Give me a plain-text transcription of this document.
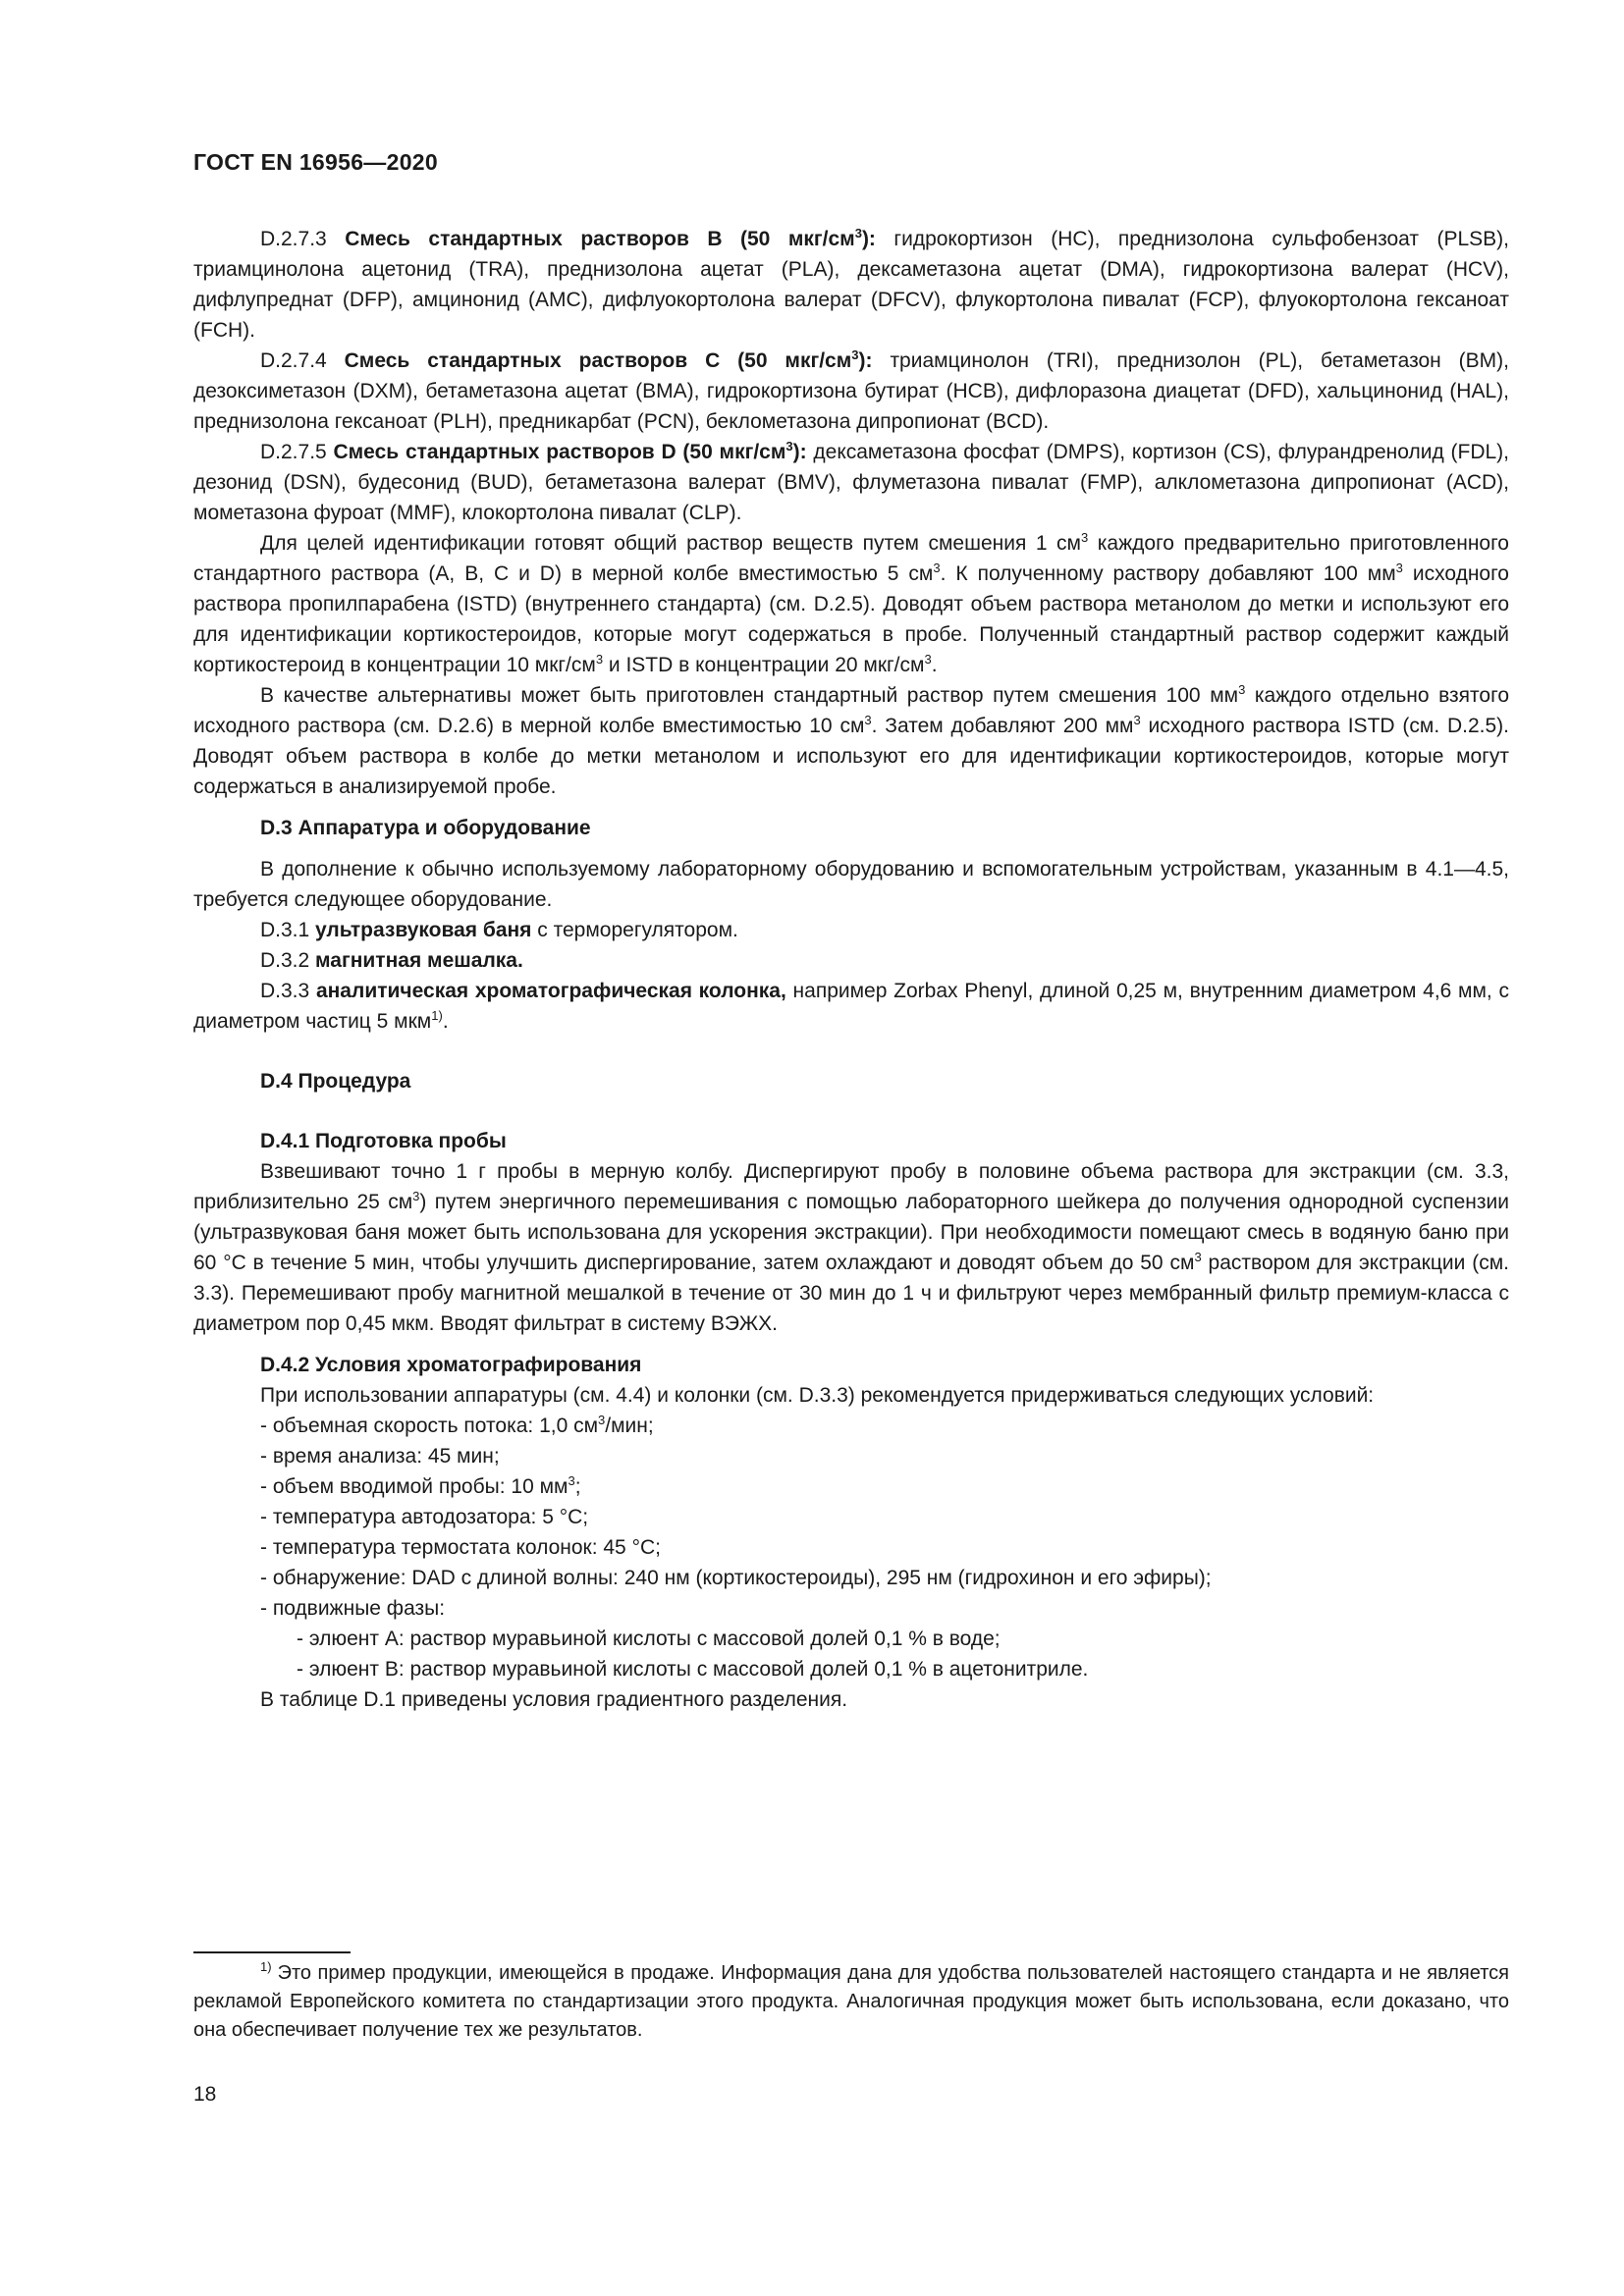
ГОСТ EN 16956—2020

D.2.7.3 Смесь стандартных растворов B (50 мкг/$см^3$): гидрокортизон (HC), преднизолона сульфобензоат (PLSB), триамцинолона ацетонид (TRA), преднизолона ацетат (PLA), дексаметазона ацетат (DMA), гидрокортизона валерат (HCV), дифлупреднат (DFP), амцинонид (AMC), дифлуокортолона валерат (DFCV), флукортолона пивалат (FCP), флуокортолона гексаноат (FCH).

D.2.7.4 Смесь стандартных растворов C (50 мкг/$см^3$): триамцинолон (TRI), преднизолон (PL), бетаметазон (BM), дезоксиметазон (DXM), бетаметазона ацетат (BMA), гидрокортизона бутират (HCB), дифлоразона диацетат (DFD), хальцинонид (HAL), преднизолона гексаноат (PLH), предникарбат (PCN), беклометазона дипропионат (BCD).

D.2.7.5 Смесь стандартных растворов D (50 мкг/$см^3$): дексаметазона фосфат (DMPS), кортизон (CS), флурандренолид (FDL), дезонид (DSN), будесонид (BUD), бетаметазона валерат (BMV), флуметазона пивалат (FMP), алклометазона дипропионат (ACD), мометазона фуроат (MMF), клокортолона пивалат (CLP).

Для целей идентификации готовят общий раствор веществ путем смешения 1 $см^3$ каждого предварительно приготовленного стандартного раствора (A, B, C и D) в мерной колбе вместимостью 5 $см^3$. К полученному раствору добавляют 100 $мм^3$ исходного раствора пропилпарабена (ISTD) (внутреннего стандарта) (см. D.2.5). Доводят объем раствора метанолом до метки и используют его для идентификации кортикостероидов, которые могут содержаться в пробе. Полученный стандартный раствор содержит каждый кортикостероид в концентрации 10 мкг/$см^3$ и ISTD в концентрации 20 мкг/$см^3$.

В качестве альтернативы может быть приготовлен стандартный раствор путем смешения 100 $мм^3$ каждого отдельно взятого исходного раствора (см. D.2.6) в мерной колбе вместимостью 10 $см^3$. Затем добавляют 200 $мм^3$ исходного раствора ISTD (см. D.2.5). Доводят объем раствора в колбе до метки метанолом и используют его для идентификации кортикостероидов, которые могут содержаться в анализируемой пробе.

D.3 Аппаратура и оборудование

В дополнение к обычно используемому лабораторному оборудованию и вспомогательным устройствам, указанным в 4.1—4.5, требуется следующее оборудование.

D.3.1 ультразвуковая баня с терморегулятором.

D.3.2 магнитная мешалка.

D.3.3 аналитическая хроматографическая колонка, например Zorbax Phenyl, длиной 0,25 м, внутренним диаметром 4,6 мм, с диаметром частиц 5 мкм$^{1)}$.

D.4 Процедура

D.4.1 Подготовка пробы

Взвешивают точно 1 г пробы в мерную колбу. Диспергируют пробу в половине объема раствора для экстракции (см. 3.3, приблизительно 25 $см^3$) путем энергичного перемешивания с помощью лабораторного шейкера до получения однородной суспензии (ультразвуковая баня может быть использована для ускорения экстракции). При необходимости помещают смесь в водяную баню при 60 °C в течение 5 мин, чтобы улучшить диспергирование, затем охлаждают и доводят объем до 50 $см^3$ раствором для экстракции (см. 3.3). Перемешивают пробу магнитной мешалкой в течение от 30 мин до 1 ч и фильтруют через мембранный фильтр премиум-класса с диаметром пор 0,45 мкм. Вводят фильтрат в систему ВЭЖХ.

D.4.2 Условия хроматографирования

При использовании аппаратуры (см. 4.4) и колонки (см. D.3.3) рекомендуется придерживаться следующих условий:

- объемная скорость потока: 1,0 $см^3$/мин;

- время анализа: 45 мин;

- объем вводимой пробы: 10 $мм^3$;

- температура автодозатора: 5 °C;

- температура термостата колонок: 45 °C;

- обнаружение: DAD с длиной волны: 240 нм (кортикостероиды), 295 нм (гидрохинон и его эфиры);

- подвижные фазы:

- элюент A: раствор муравьиной кислоты с массовой долей 0,1 % в воде;

- элюент B: раствор муравьиной кислоты с массовой долей 0,1 % в ацетонитриле.

В таблице D.1 приведены условия градиентного разделения.

$^{1)}$ Это пример продукции, имеющейся в продаже. Информация дана для удобства пользователей настоящего стандарта и не является рекламой Европейского комитета по стандартизации этого продукта. Аналогичная продукция может быть использована, если доказано, что она обеспечивает получение тех же результатов.

18
